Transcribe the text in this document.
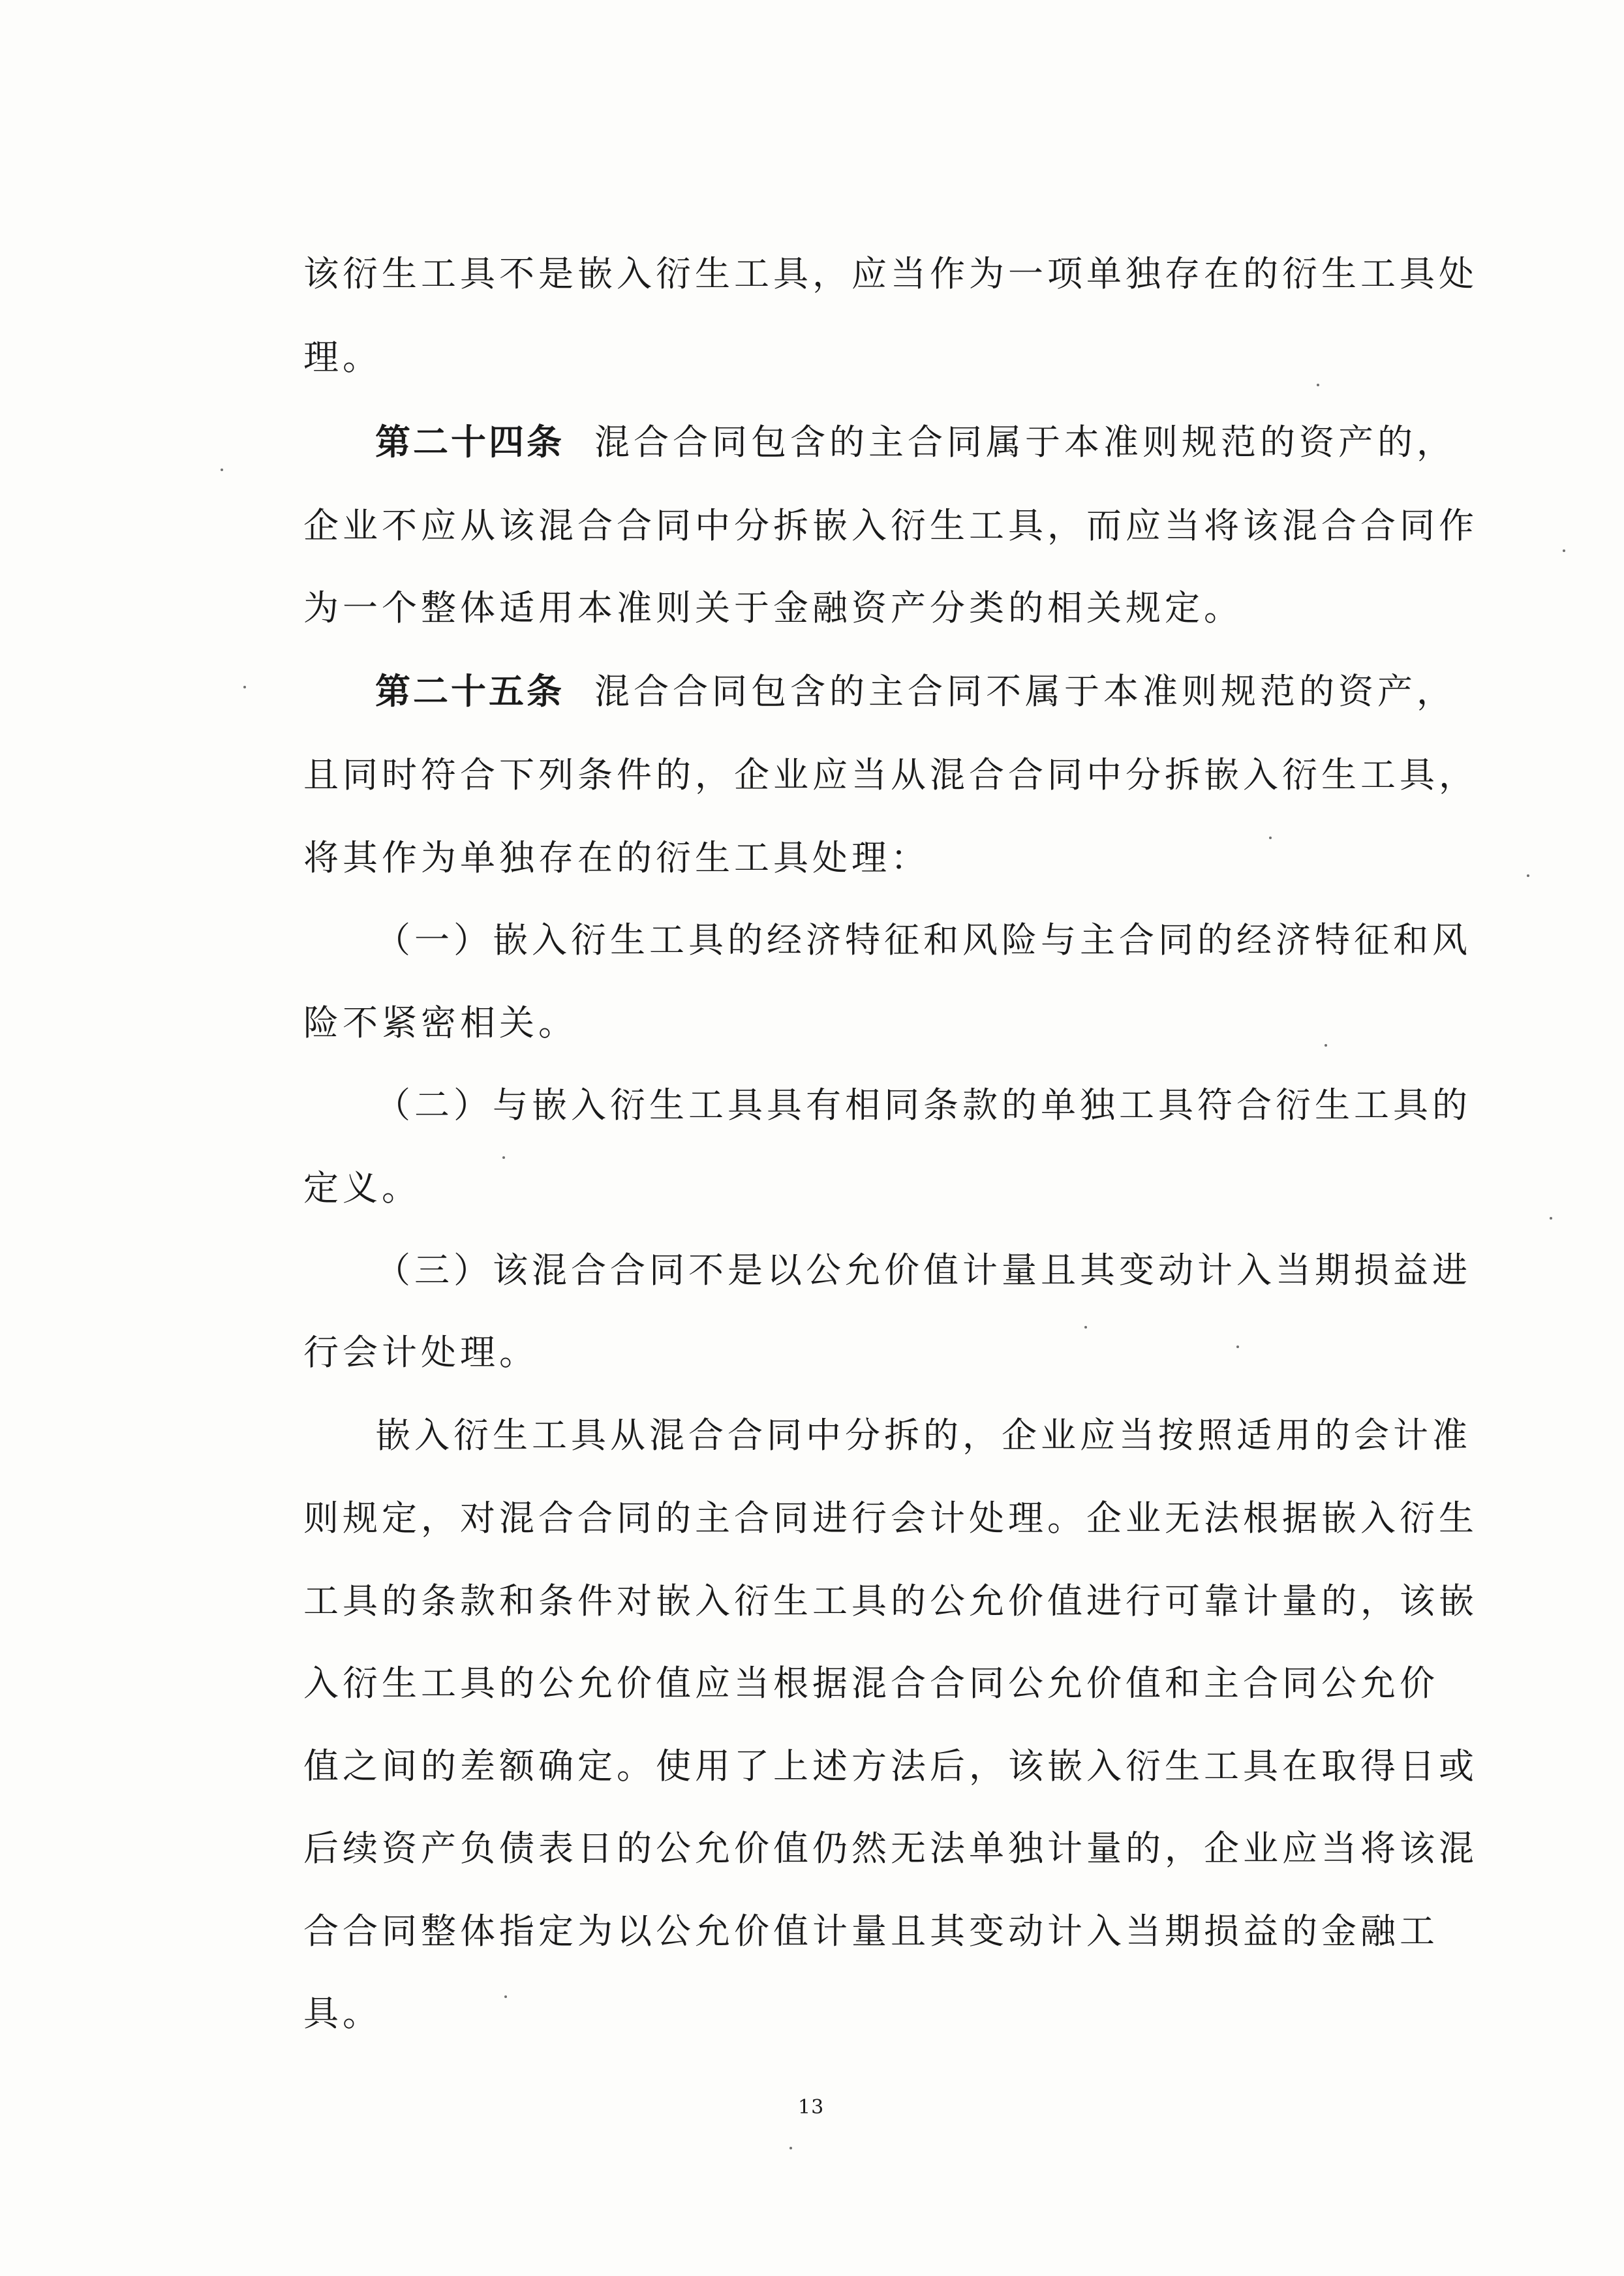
该衍生工具不是嵌入衍生工具，应当作为一项单独存在的衍生工具处
理。
第二十四条 混合合同包含的主合同属于本准则规范的资产的，
企业不应从该混合合同中分拆嵌入衍生工具，而应当将该混合合同作
为一个整体适用本准则关于金融资产分类的相关规定。
第二十五条 混合合同包含的主合同不属于本准则规范的资产，
且同时符合下列条件的，企业应当从混合合同中分拆嵌入衍生工具，
将其作为单独存在的衍生工具处理：
（一）嵌入衍生工具的经济特征和风险与主合同的经济特征和风
险不紧密相关。
（二）与嵌入衍生工具具有相同条款的单独工具符合衍生工具的
定义。
（三）该混合合同不是以公允价值计量且其变动计入当期损益进
行会计处理。
嵌入衍生工具从混合合同中分拆的，企业应当按照适用的会计准
则规定，对混合合同的主合同进行会计处理。企业无法根据嵌入衍生
工具的条款和条件对嵌入衍生工具的公允价值进行可靠计量的，该嵌
入衍生工具的公允价值应当根据混合合同公允价值和主合同公允价
值之间的差额确定。使用了上述方法后，该嵌入衍生工具在取得日或
后续资产负债表日的公允价值仍然无法单独计量的，企业应当将该混
合合同整体指定为以公允价值计量且其变动计入当期损益的金融工
具。
13
